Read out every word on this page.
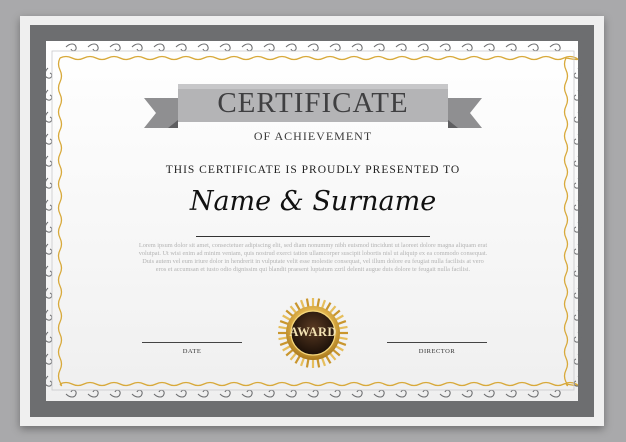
CERTIFICATE

OF ACHIEVEMENT

THIS CERTIFICATE IS PROUDLY PRESENTED TO

Name & Surname

Lorem ipsum dolor sit amet, consectetuer adipiscing elit, sed diam nonummy nibh euismod tincidunt ut laoreet dolore magna aliquam erat volutpat. Ut wisi enim ad minim veniam, quis nostrud exerci tation ullamcorper suscipit lobortis nisl ut aliquip ex ea commodo consequat. Duis autem vel eum iriure dolor in hendrerit in vulputate velit esse molestie consequat, vel illum dolore eu feugiat nulla facilisis at vero eros et accumsan et iusto odio dignissim qui blandit praesent luptatum zzril delenit augue duis dolore te feugait nulla facilisi.

DATE	DIRECTOR

AWARD
